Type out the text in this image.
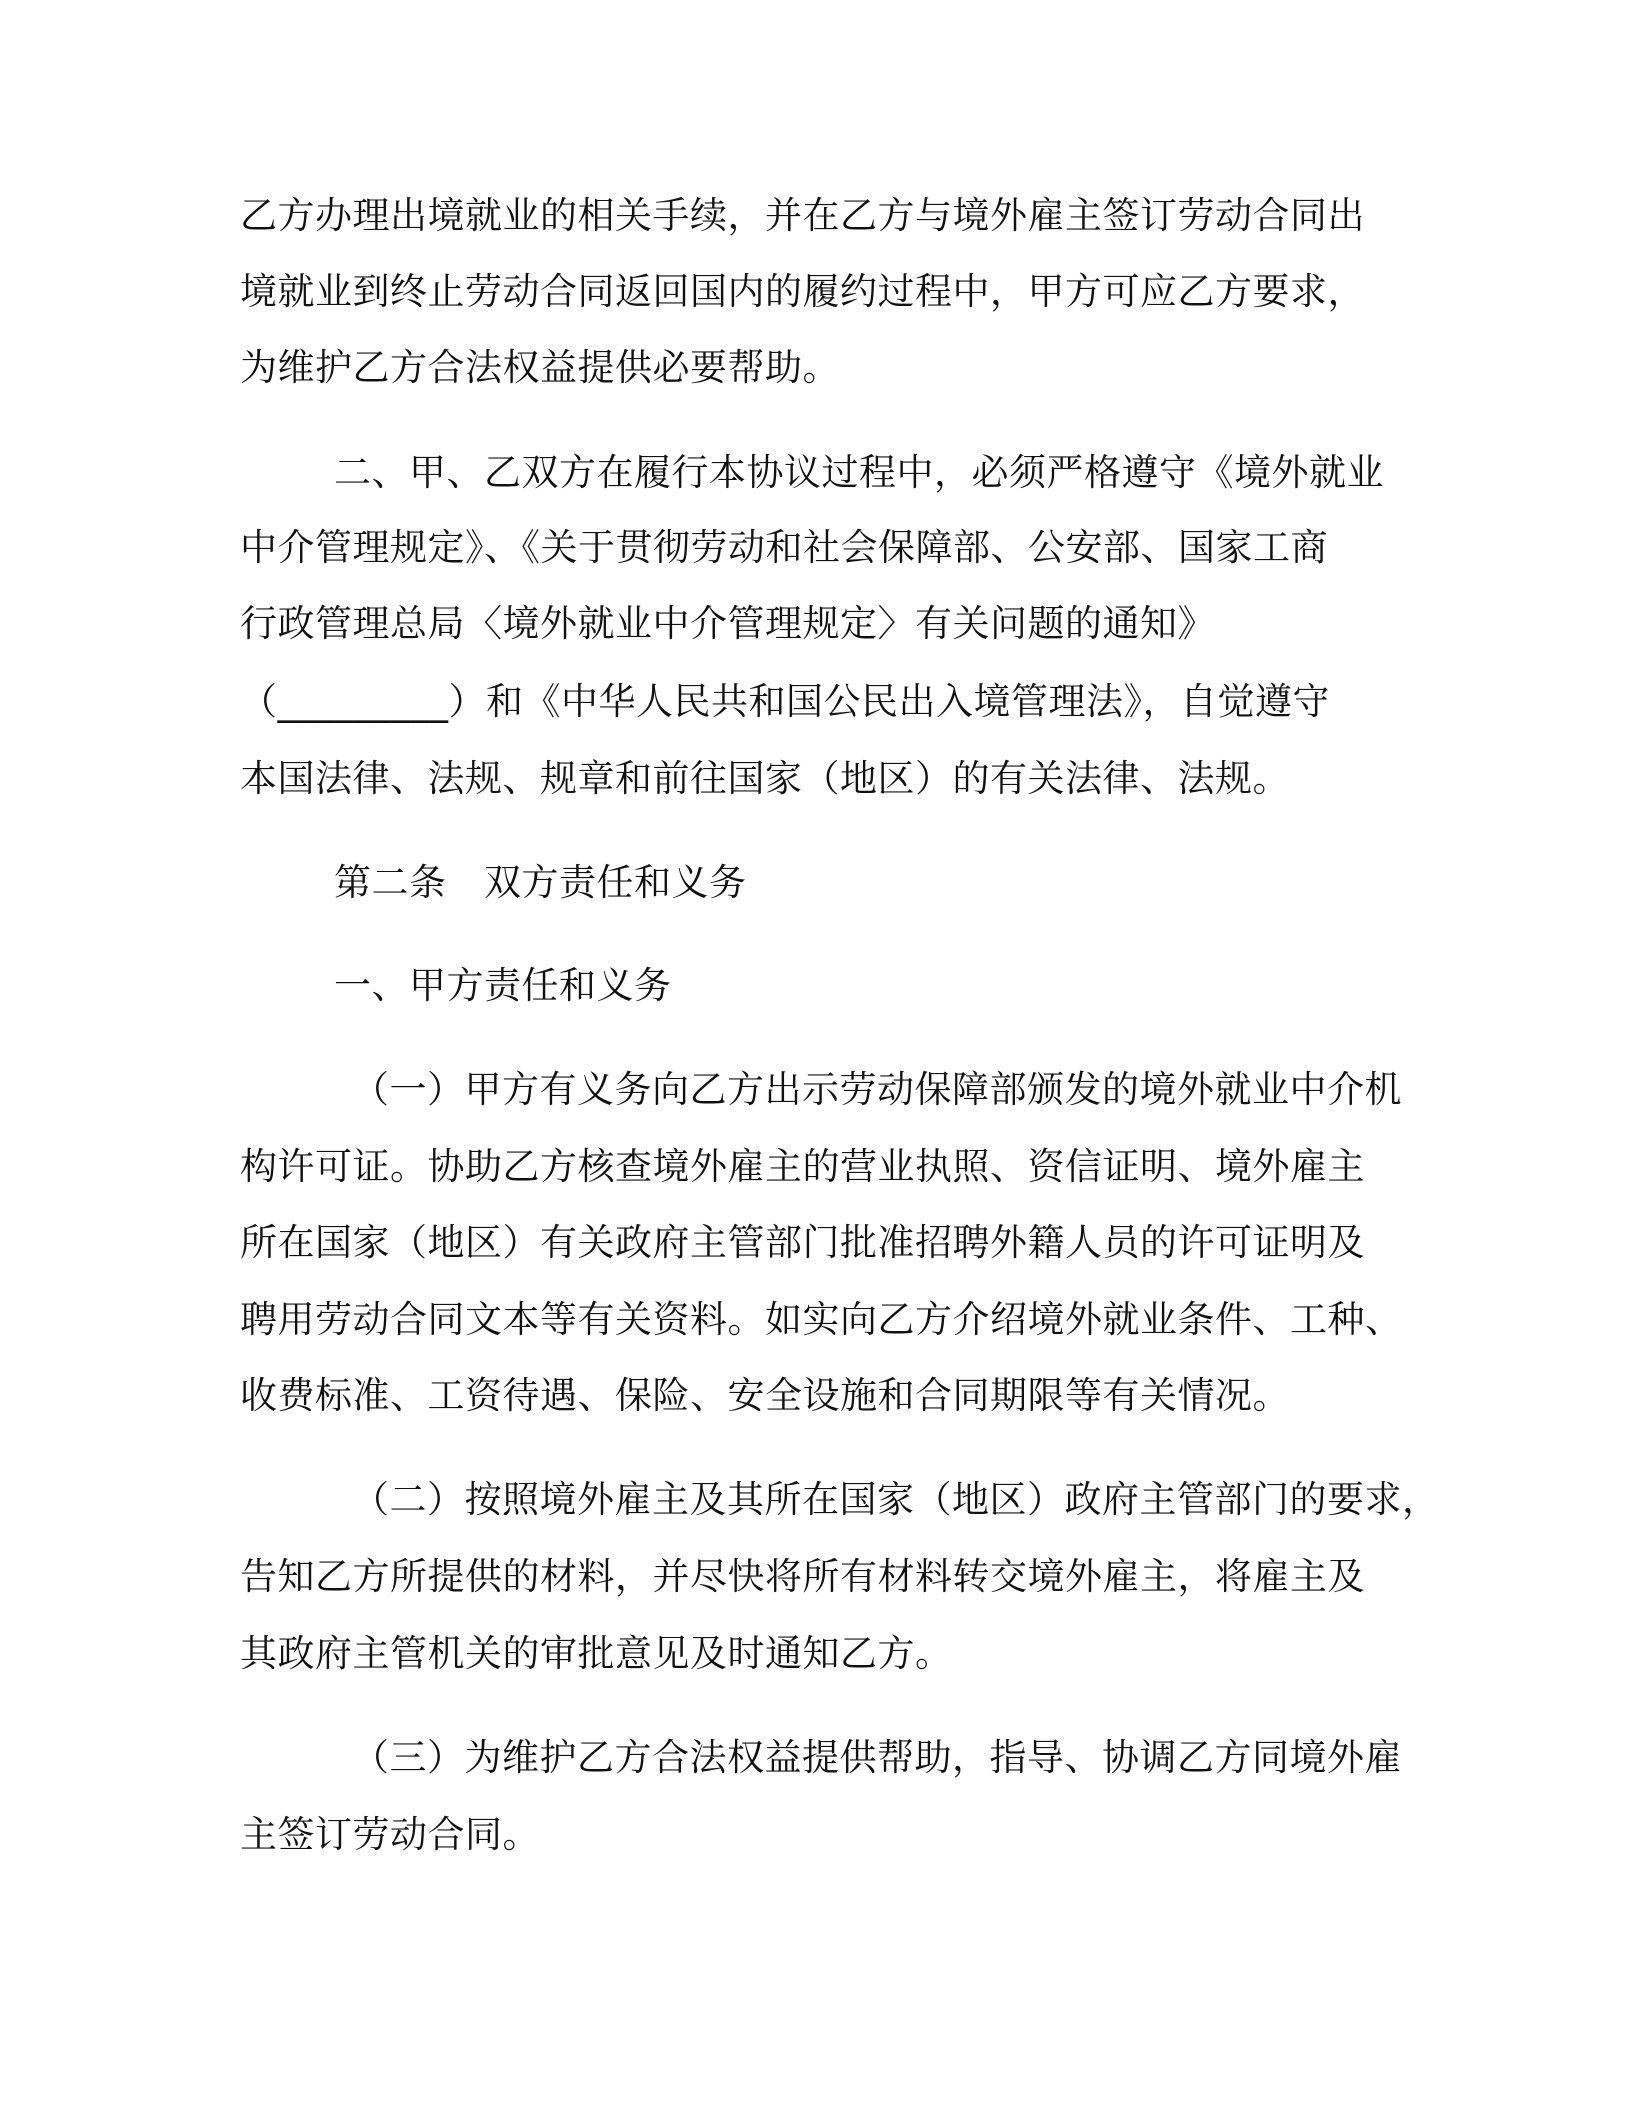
乙方办理出境就业的相关手续，并在乙方与境外雇主签订劳动合同出
境就业到终止劳动合同返回国内的履约过程中，甲方可应乙方要求，
为维护乙方合法权益提供必要帮助。
二、甲、乙双方在履行本协议过程中，必须严格遵守《境外就业
中介管理规定》、《关于贯彻劳动和社会保障部、公安部、国家工商
行政管理总局〈境外就业中介管理规定〉有关问题的通知》
（_________）和《中华人民共和国公民出入境管理法》，自觉遵守
本国法律、法规、规章和前往国家（地区）的有关法律、法规。
第二条　双方责任和义务
一、甲方责任和义务
（一）甲方有义务向乙方出示劳动保障部颁发的境外就业中介机
构许可证。协助乙方核查境外雇主的营业执照、资信证明、境外雇主
所在国家（地区）有关政府主管部门批准招聘外籍人员的许可证明及
聘用劳动合同文本等有关资料。如实向乙方介绍境外就业条件、工种、
收费标准、工资待遇、保险、安全设施和合同期限等有关情况。
（二）按照境外雇主及其所在国家（地区）政府主管部门的要求，
告知乙方所提供的材料，并尽快将所有材料转交境外雇主，将雇主及
其政府主管机关的审批意见及时通知乙方。
（三）为维护乙方合法权益提供帮助，指导、协调乙方同境外雇
主签订劳动合同。
